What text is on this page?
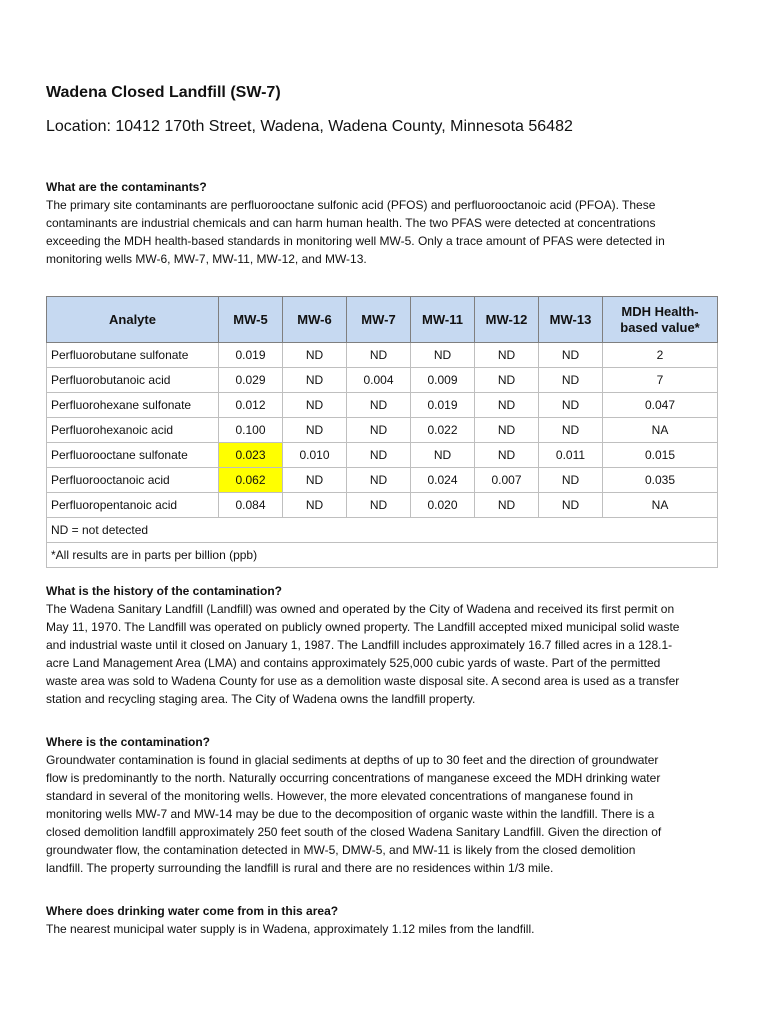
Wadena Closed Landfill (SW-7)
Location: 10412 170th Street, Wadena, Wadena County, Minnesota 56482
What are the contaminants?

The primary site contaminants are perfluorooctane sulfonic acid (PFOS) and perfluorooctanoic acid (PFOA). These

contaminants are industrial chemicals and can harm human health. The two PFAS were detected at concentrations

exceeding the MDH health-based standards in monitoring well MW-5. Only a trace amount of PFAS were detected in

monitoring wells MW-6, MW-7, MW-11, MW-12, and MW-13.

Analyte	MW-5	MW-6	MW-7	MW-11	MW-12	MW-13	MDH Health-based value*
Perfluorobutane sulfonate	0.019	ND	ND	ND	ND	ND	2
Perfluorobutanoic acid	0.029	ND	0.004	0.009	ND	ND	7
Perfluorohexane sulfonate	0.012	ND	ND	0.019	ND	ND	0.047
Perfluorohexanoic acid	0.100	ND	ND	0.022	ND	ND	NA
Perfluorooctane sulfonate	0.023	0.010	ND	ND	ND	0.011	0.015
Perfluorooctanoic acid	0.062	ND	ND	0.024	0.007	ND	0.035
Perfluoropentanoic acid	0.084	ND	ND	0.020	ND	ND	NA
ND = not detected							
*All results are in parts per billion (ppb)							
What is the history of the contamination?

The Wadena Sanitary Landfill (Landfill) was owned and operated by the City of Wadena and received its first permit on

May 11, 1970. The Landfill was operated on publicly owned property. The Landfill accepted mixed municipal solid waste

and industrial waste until it closed on January 1, 1987. The Landfill includes approximately 16.7 filled acres in a 128.1-

acre Land Management Area (LMA) and contains approximately 525,000 cubic yards of waste. Part of the permitted

waste area was sold to Wadena County for use as a demolition waste disposal site. A second area is used as a transfer

station and recycling staging area. The City of Wadena owns the landfill property.

Where is the contamination?

Groundwater contamination is found in glacial sediments at depths of up to 30 feet and the direction of groundwater

flow is predominantly to the north. Naturally occurring concentrations of manganese exceed the MDH drinking water

standard in several of the monitoring wells. However, the more elevated concentrations of manganese found in

monitoring wells MW-7 and MW-14 may be due to the decomposition of organic waste within the landfill. There is a

closed demolition landfill approximately 250 feet south of the closed Wadena Sanitary Landfill. Given the direction of

groundwater flow, the contamination detected in MW-5, DMW-5, and MW-11 is likely from the closed demolition

landfill. The property surrounding the landfill is rural and there are no residences within 1/3 mile.

Where does drinking water come from in this area?

The nearest municipal water supply is in Wadena, approximately 1.12 miles from the landfill.
